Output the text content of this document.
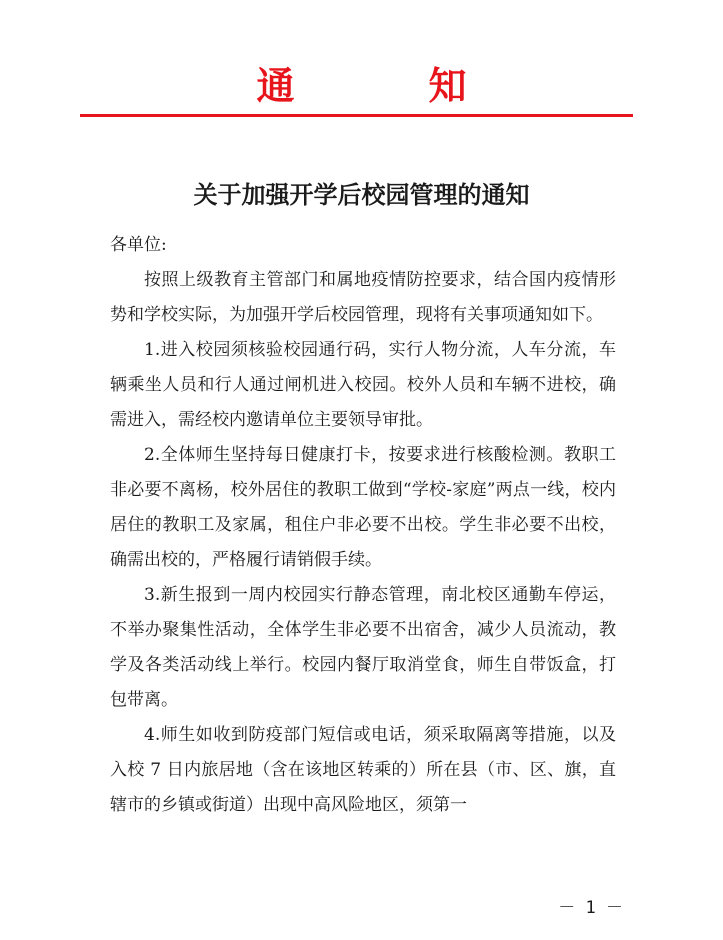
通　知
关于加强开学后校园管理的通知

各单位:

按照上级教育主管部门和属地疫情防控要求，结合国内疫情形势和学校实际，为加强开学后校园管理，现将有关事项通知如下。

1.进入校园须核验校园通行码，实行人物分流，人车分流，车辆乘坐人员和行人通过闸机进入校园。校外人员和车辆不进校，确需进入，需经校内邀请单位主要领导审批。

2.全体师生坚持每日健康打卡，按要求进行核酸检测。教职工非必要不离杨，校外居住的教职工做到“学校-家庭”两点一线，校内居住的教职工及家属，租住户非必要不出校。学生非必要不出校，确需出校的，严格履行请销假手续。

3.新生报到一周内校园实行静态管理，南北校区通勤车停运，不举办聚集性活动，全体学生非必要不出宿舍，减少人员流动，教学及各类活动线上举行。校园内餐厅取消堂食，师生自带饭盒，打包带离。

4.师生如收到防疫部门短信或电话，须采取隔离等措施，以及入校 7 日内旅居地（含在该地区转乘的）所在县（市、区、旗，直辖市的乡镇或街道）出现中高风险地区，须第一

－ 1 －
